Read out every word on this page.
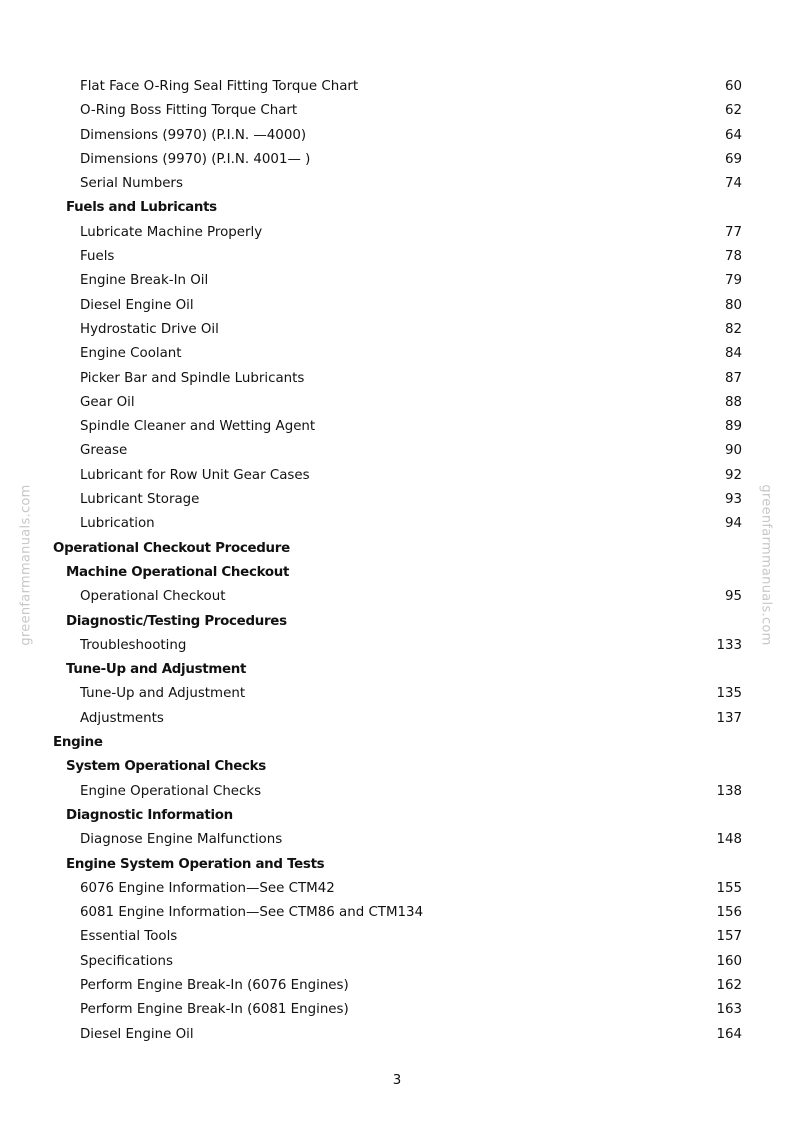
greenfarmmanuals.com	greenfarmmanuals.com
Flat Face O-Ring Seal Fitting Torque Chart	60
O-Ring Boss Fitting Torque Chart	62
Dimensions (9970) (P.I.N. —4000)	64
Dimensions (9970) (P.I.N. 4001— )	69
Serial Numbers	74
Fuels and Lubricants
Lubricate Machine Properly	77
Fuels	78
Engine Break-In Oil	79
Diesel Engine Oil	80
Hydrostatic Drive Oil	82
Engine Coolant	84
Picker Bar and Spindle Lubricants	87
Gear Oil	88
Spindle Cleaner and Wetting Agent	89
Grease	90
Lubricant for Row Unit Gear Cases	92
Lubricant Storage	93
Lubrication	94
Operational Checkout Procedure
Machine Operational Checkout
Operational Checkout	95
Diagnostic/Testing Procedures
Troubleshooting	133
Tune-Up and Adjustment
Tune-Up and Adjustment	135
Adjustments	137
Engine
System Operational Checks
Engine Operational Checks	138
Diagnostic Information
Diagnose Engine Malfunctions	148
Engine System Operation and Tests
6076 Engine Information—See CTM42	155
6081 Engine Information—See CTM86 and CTM134	156
Essential Tools	157
Specifications	160
Perform Engine Break-In (6076 Engines)	162
Perform Engine Break-In (6081 Engines)	163
Diesel Engine Oil	164
3
